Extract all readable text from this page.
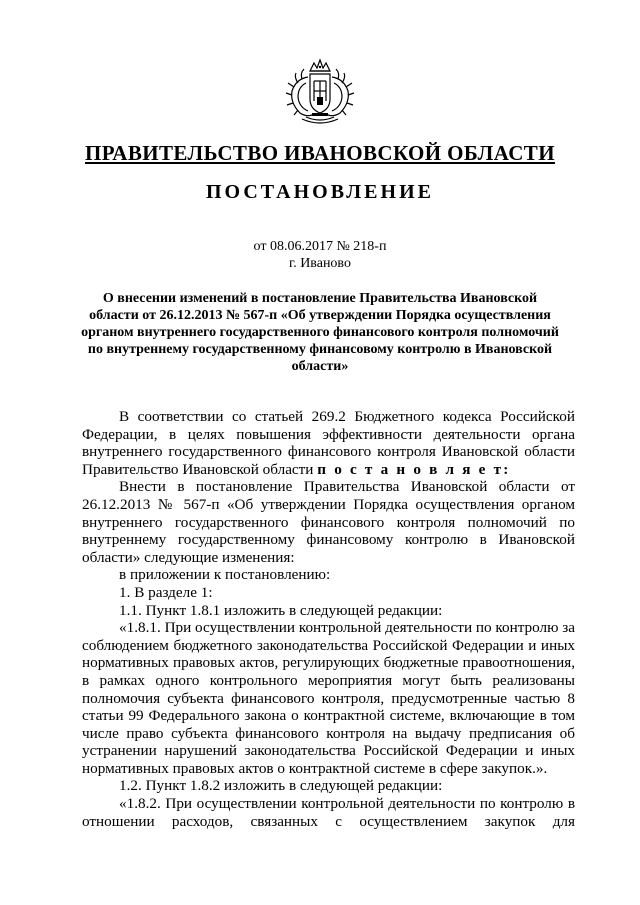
ПРАВИТЕЛЬСТВО ИВАНОВСКОЙ ОБЛАСТИ
ПОСТАНОВЛЕНИЕ
от 08.06.2017 № 218-п
г. Иваново
О внесении изменений в постановление Правительства Ивановской области от 26.12.2013 № 567-п «Об утверждении Порядка осуществления органом внутреннего государственного финансового контроля полномочий по внутреннему государственному финансовому контролю в Ивановской области»

В соответствии со статьей 269.2 Бюджетного кодекса Российской Федерации, в целях повышения эффективности деятельности органа внутреннего государственного финансового контроля Ивановской области Правительство Ивановской области п о с т а н о в л я е т:

Внести в постановление Правительства Ивановской области от 26.12.2013 № 567-п «Об утверждении Порядка осуществления органом внутреннего государственного финансового контроля полномочий по внутреннему государственному финансовому контролю в Ивановской области» следующие изменения:

в приложении к постановлению:

1. В разделе 1:

1.1. Пункт 1.8.1 изложить в следующей редакции:

«1.8.1. При осуществлении контрольной деятельности по контролю за соблюдением бюджетного законодательства Российской Федерации и иных нормативных правовых актов, регулирующих бюджетные правоотношения, в рамках одного контрольного мероприятия могут быть реализованы полномочия субъекта финансового контроля, предусмотренные частью 8 статьи 99 Федерального закона о контрактной системе, включающие в том числе право субъекта финансового контроля на выдачу предписания об устранении нарушений законодательства Российской Федерации и иных нормативных правовых актов о контрактной системе в сфере закупок.».

1.2. Пункт 1.8.2 изложить в следующей редакции:

«1.8.2. При осуществлении контрольной деятельности по контролю в отношении расходов, связанных с осуществлением закупок для
